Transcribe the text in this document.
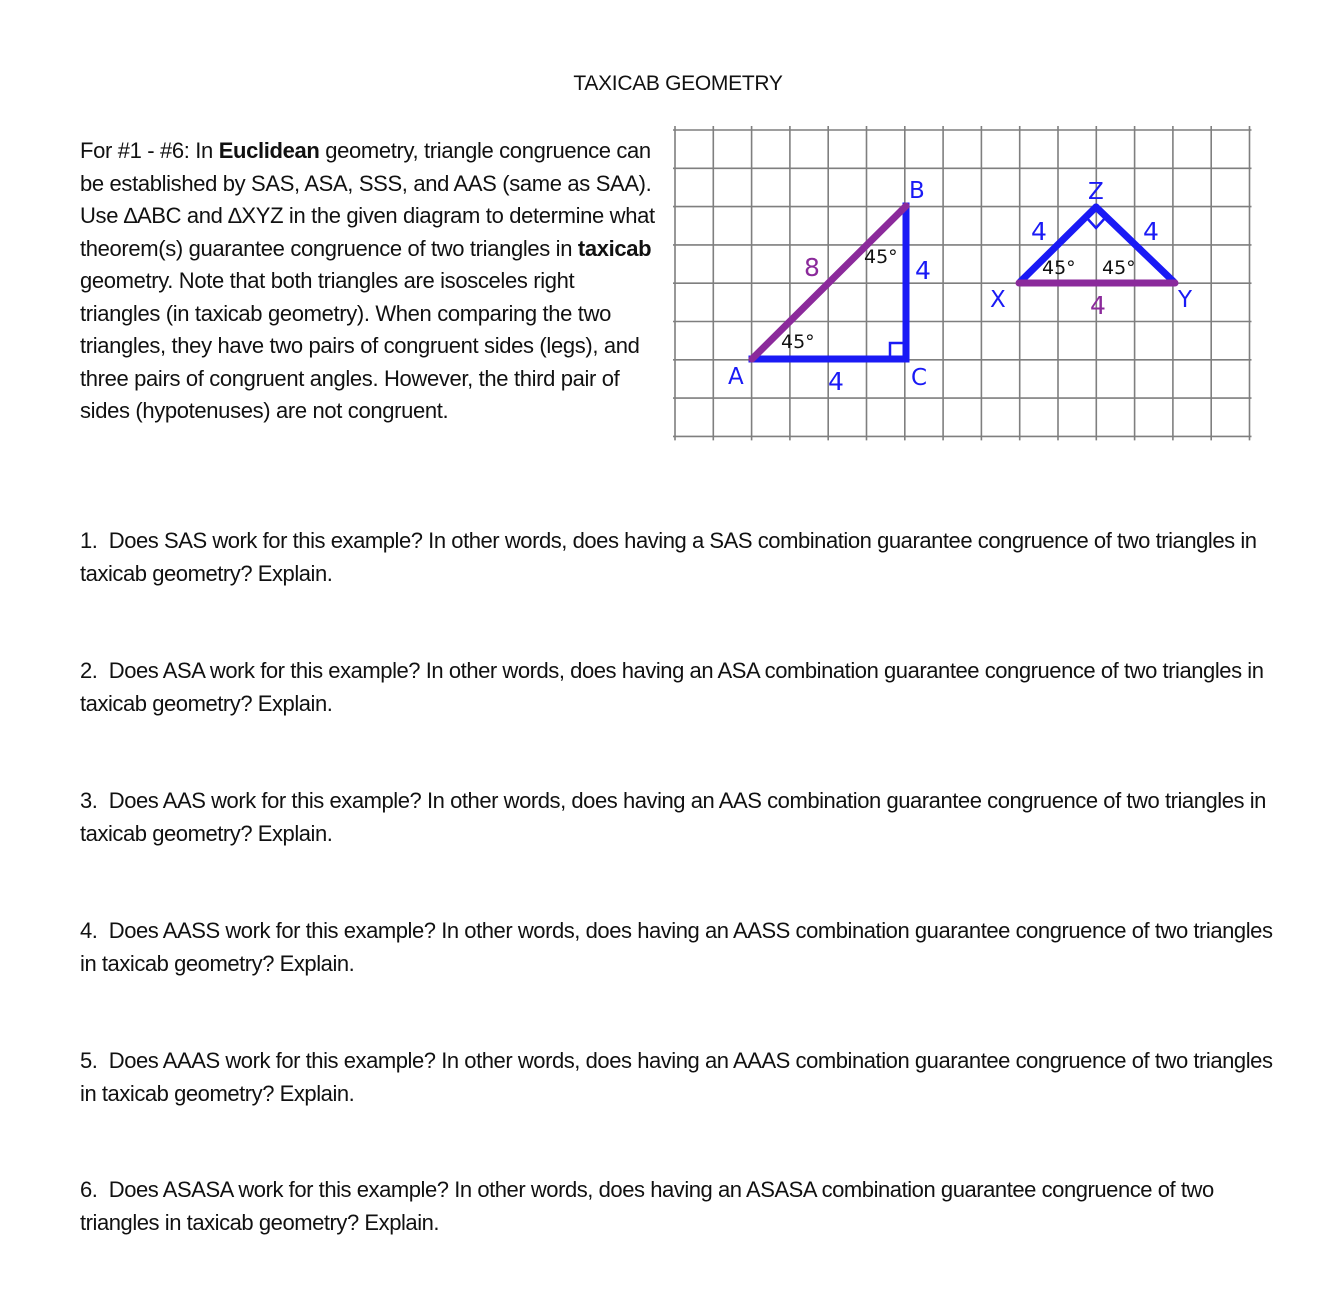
TAXICAB GEOMETRY
For #1 - #6: In Euclidean geometry, triangle congruence can be established by SAS, ASA, SSS, and AAS (same as SAA). Use ∆ABC and ∆XYZ in the given diagram to determine what theorem(s) guarantee congruence of two triangles in taxicab geometry. Note that both triangles are isosceles right triangles (in taxicab geometry). When comparing the two triangles, they have two pairs of congruent sides (legs), and three pairs of congruent angles. However, the third pair of sides (hypotenuses) are not congruent.
A
B
C
8
4
4
45°
45°
X	Y
Z
4	4
4
45° 45°
1. Does SAS work for this example? In other words, does having a SAS combination guarantee congruence of two triangles in taxicab geometry? Explain.
2. Does ASA work for this example? In other words, does having an ASA combination guarantee congruence of two triangles in taxicab geometry? Explain.
3. Does AAS work for this example? In other words, does having an AAS combination guarantee congruence of two triangles in taxicab geometry? Explain.
4. Does AASS work for this example? In other words, does having an AASS combination guarantee congruence of two triangles in taxicab geometry? Explain.
5. Does AAAS work for this example? In other words, does having an AAAS combination guarantee congruence of two triangles in taxicab geometry? Explain.
6. Does ASASA work for this example? In other words, does having an ASASA combination guarantee congruence of two triangles in taxicab geometry? Explain.
